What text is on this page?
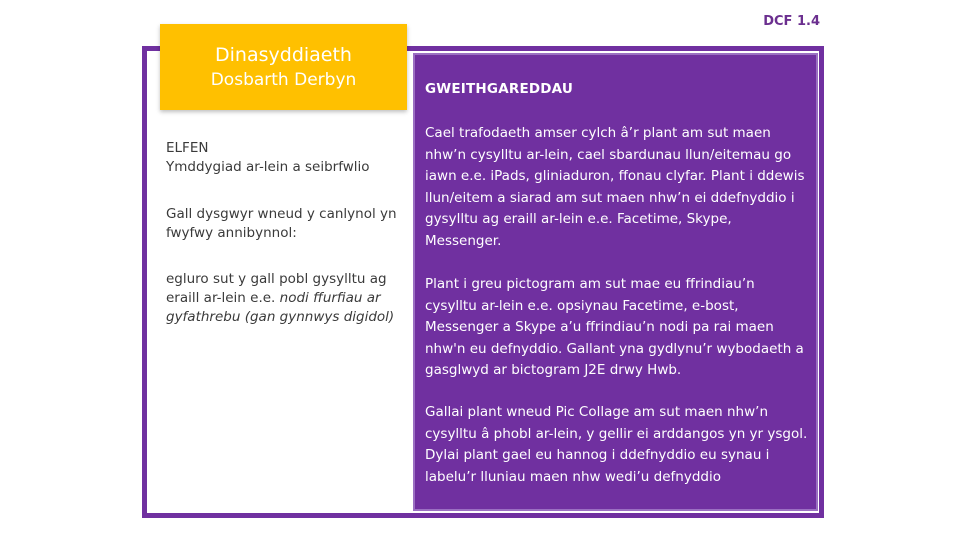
DCF 1.4
Dinasyddiaeth
Dosbarth Derbyn
ELFEN
Ymddygiad ar-lein a seibrfwlio
Gall dysgwyr wneud y canlynol yn fwyfwy annibynnol:
egluro sut y gall pobl gysylltu ag eraill ar-lein e.e. nodi ffurfiau ar gyfathrebu (gan gynnwys digidol)
GWEITHGAREDDAU
Cael trafodaeth amser cylch â’r plant am sut maen nhw’n cysylltu ar-lein, cael sbardunau llun/eitemau go iawn e.e. iPads, gliniaduron, ffonau clyfar. Plant i ddewis llun/eitem a siarad am sut maen nhw’n ei ddefnyddio i gysylltu ag eraill ar-lein e.e. Facetime, Skype, Messenger.
Plant i greu pictogram am sut mae eu ffrindiau’n cysylltu ar-lein e.e. opsiynau Facetime, e-bost, Messenger a Skype a’u ffrindiau’n nodi pa rai maen nhw'n eu defnyddio. Gallant yna gydlynu’r wybodaeth a gasglwyd ar bictogram J2E drwy Hwb.
Gallai plant wneud Pic Collage am sut maen nhw’n cysylltu â phobl ar-lein, y gellir ei arddangos yn yr ysgol. Dylai plant gael eu hannog i ddefnyddio eu synau i labelu’r lluniau maen nhw wedi’u defnyddio
